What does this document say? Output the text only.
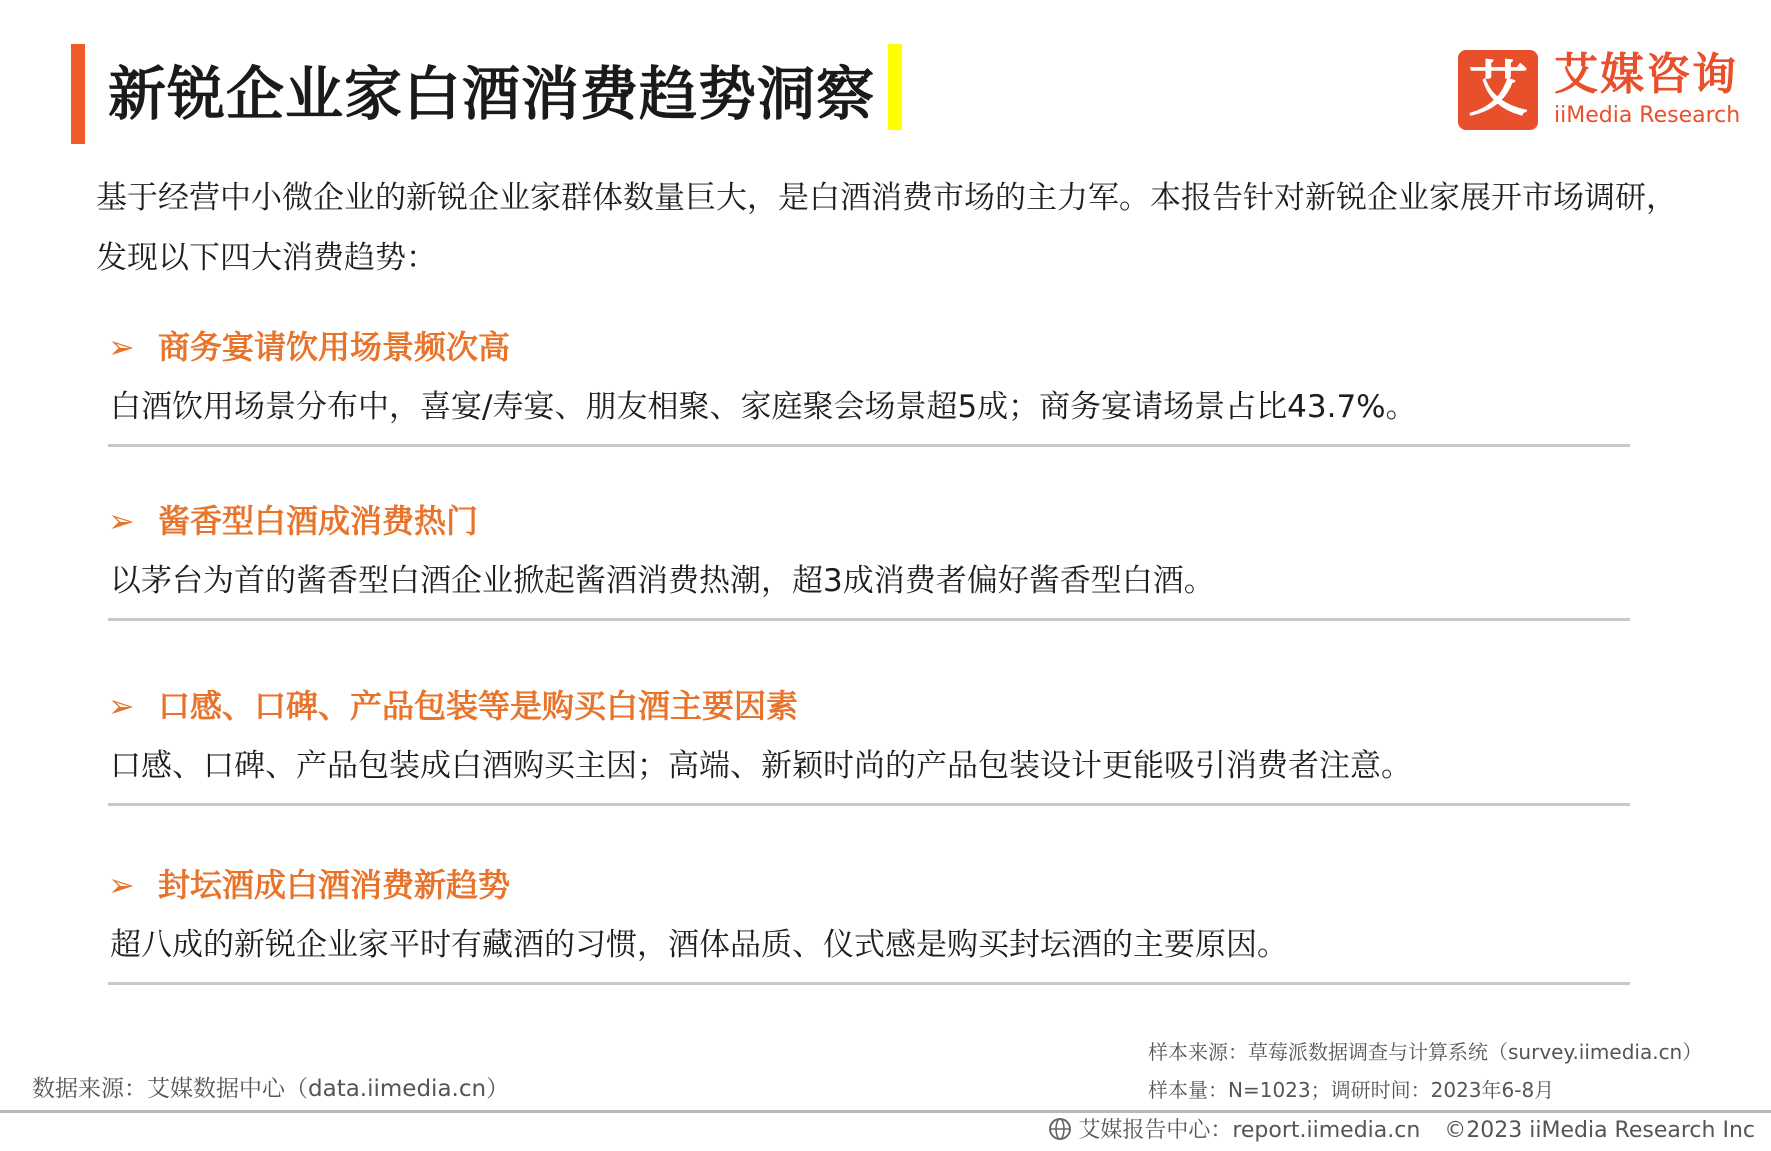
新锐企业家白酒消费趋势洞察	艾 艾媒咨询
iiMedia Research
基于经营中小微企业的新锐企业家群体数量巨大，是白酒消费市场的主力军。本报告针对新锐企业家展开市场调研，发现以下四大消费趋势：
➢ 商务宴请饮用场景频次高
白酒饮用场景分布中，喜宴/寿宴、朋友相聚、家庭聚会场景超5成；商务宴请场景占比43.7%。
➢ 酱香型白酒成消费热门
以茅台为首的酱香型白酒企业掀起酱酒消费热潮，超3成消费者偏好酱香型白酒。
➢ 口感、口碑、产品包装等是购买白酒主要因素
口感、口碑、产品包装成白酒购买主因；高端、新颖时尚的产品包装设计更能吸引消费者注意。
➢ 封坛酒成白酒消费新趋势
超八成的新锐企业家平时有藏酒的习惯，酒体品质、仪式感是购买封坛酒的主要原因。
样本来源：草莓派数据调查与计算系统（survey.iimedia.cn）
数据来源：艾媒数据中心（data.iimedia.cn）	样本量：N=1023；调研时间：2023年6-8月
艾媒报告中心：report.iimedia.cn ©2023 iiMedia Research Inc
